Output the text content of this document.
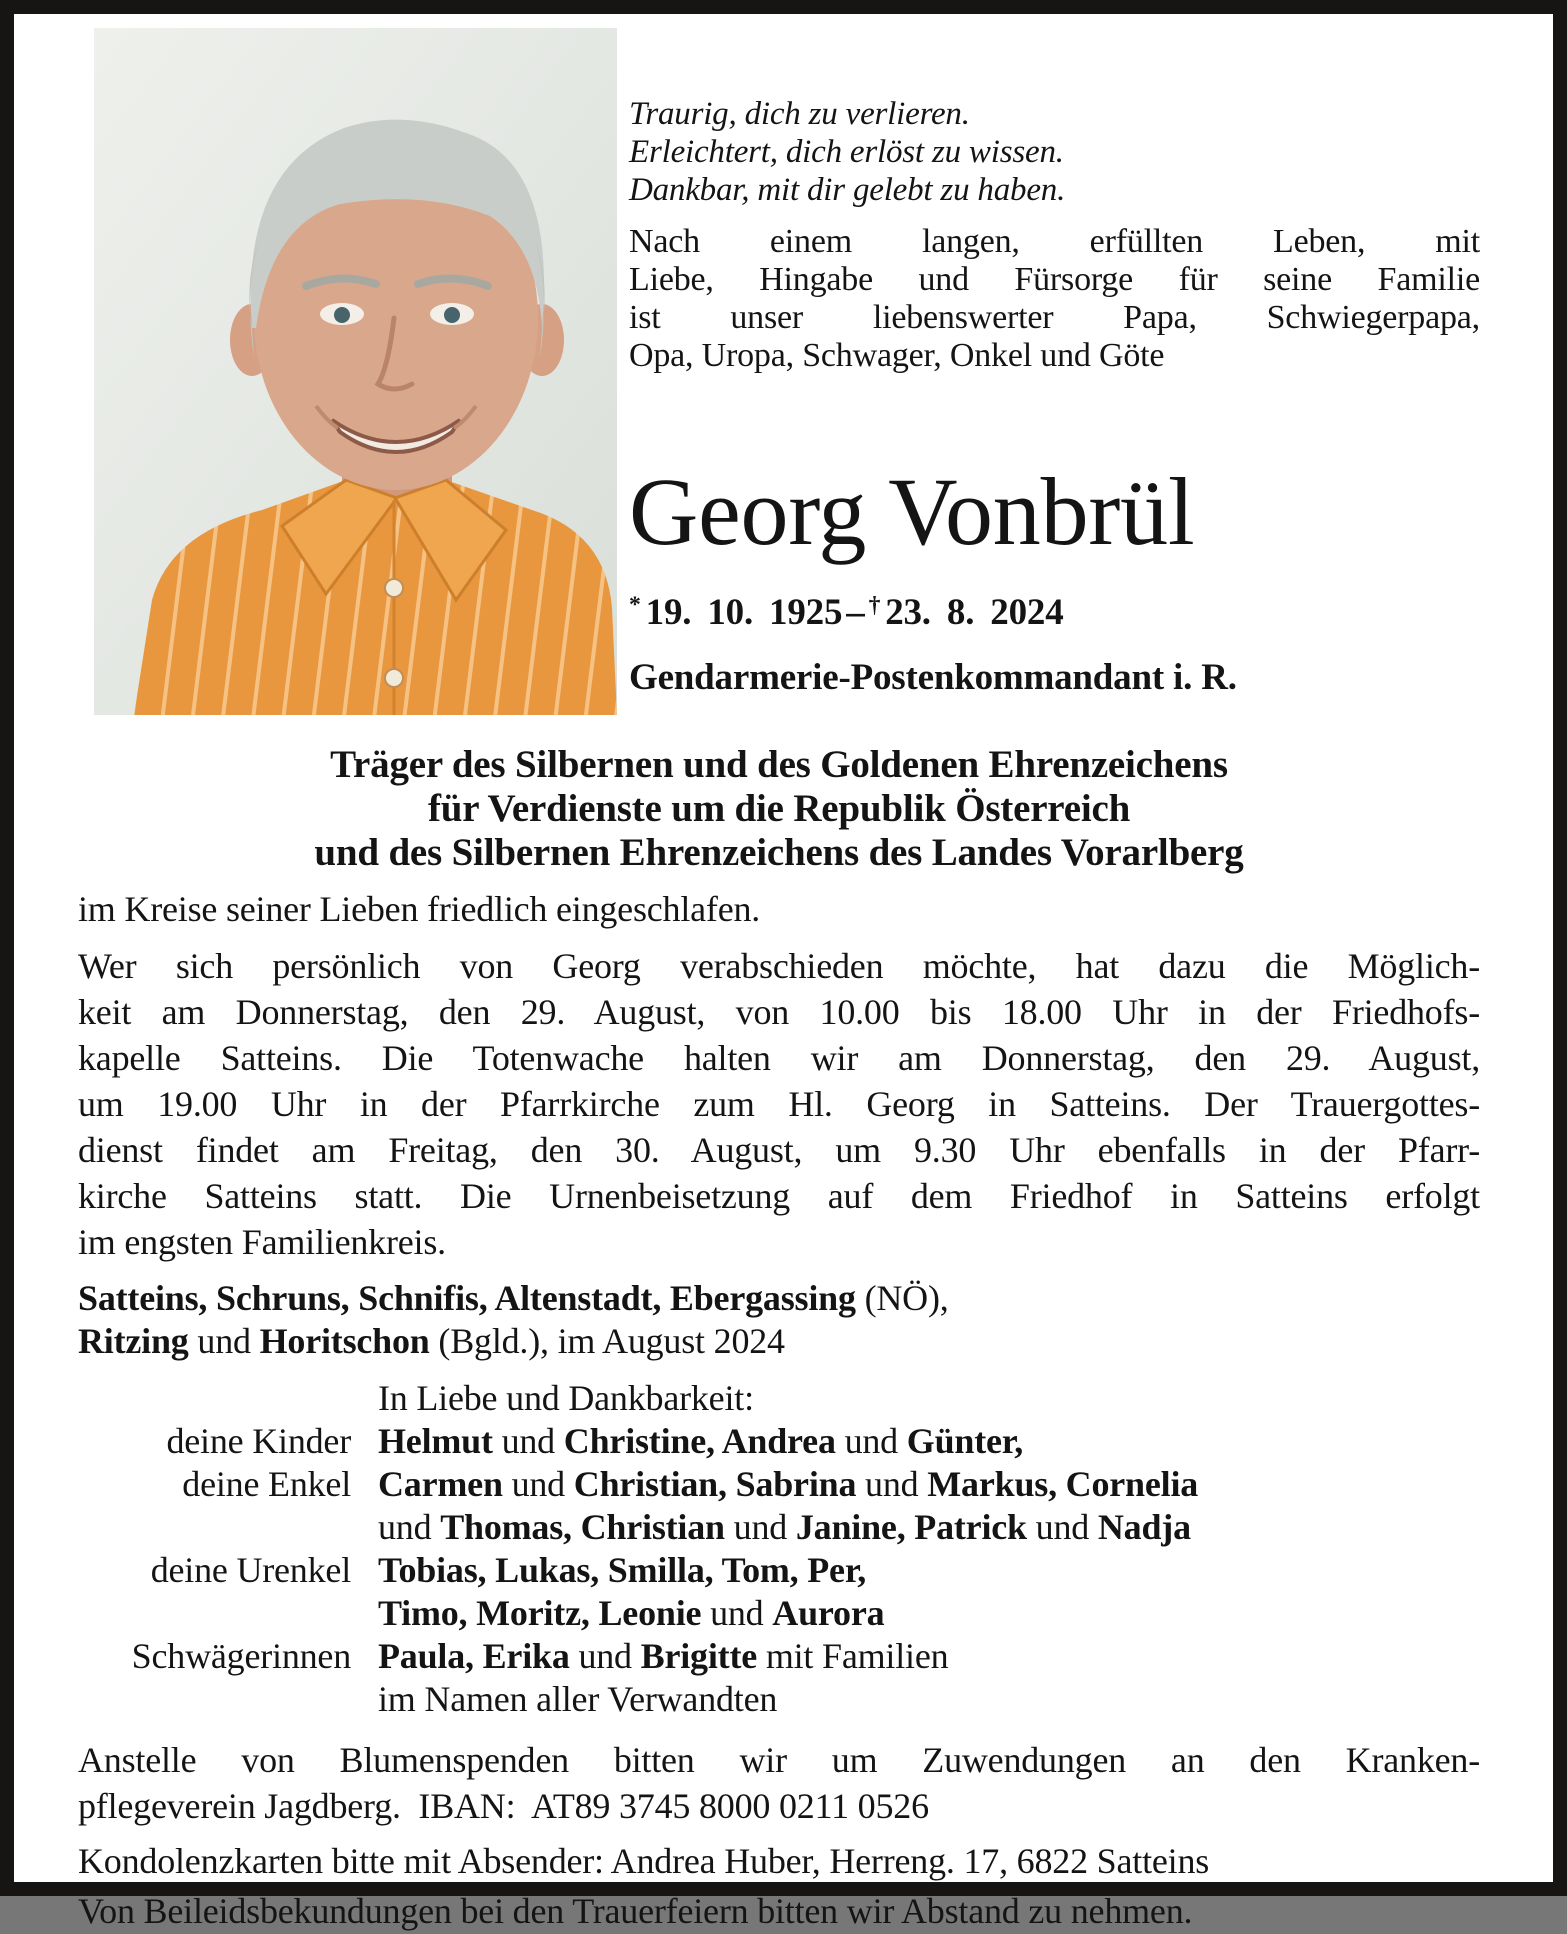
Traurig, dich zu verlieren.
Erleichtert, dich erlöst zu wissen.
Dankbar, mit dir gelebt zu haben.
Nach einem langen, erfüllten Leben, mit
Liebe, Hingabe und Fürsorge für seine Familie
ist unser liebenswerter Papa, Schwiegerpapa,
Opa, Uropa, Schwager, Onkel und Göte
Georg Vonbrül
* 19. 10. 1925 – † 23. 8. 2024
Gendarmerie-Postenkommandant i. R.
Träger des Silbernen und des Goldenen Ehrenzeichens
für Verdienste um die Republik Österreich
und des Silbernen Ehrenzeichens des Landes Vorarlberg
im Kreise seiner Lieben friedlich eingeschlafen.
Wer sich persönlich von Georg verabschieden möchte, hat dazu die Möglich-
keit am Donnerstag, den 29. August, von 10.00 bis 18.00 Uhr in der Friedhofs-
kapelle Satteins. Die Totenwache halten wir am Donnerstag, den 29. August,
um 19.00 Uhr in der Pfarrkirche zum Hl. Georg in Satteins. Der Trauergottes-
dienst findet am Freitag, den 30. August, um 9.30 Uhr ebenfalls in der Pfarr-
kirche Satteins statt. Die Urnenbeisetzung auf dem Friedhof in Satteins erfolgt
im engsten Familienkreis.
Satteins, Schruns, Schnifis, Altenstadt, Ebergassing (NÖ),
Ritzing und Horitschon (Bgld.), im August 2024
In Liebe und Dankbarkeit:
deine Kinder Helmut und Christine, Andrea und Günter,
deine Enkel Carmen und Christian, Sabrina und Markus, Cornelia
und Thomas, Christian und Janine, Patrick und Nadja
deine Urenkel Tobias, Lukas, Smilla, Tom, Per,
Timo, Moritz, Leonie und Aurora
Schwägerinnen Paula, Erika und Brigitte mit Familien
im Namen aller Verwandten
Anstelle von Blumenspenden bitten wir um Zuwendungen an den Kranken-
pflegeverein Jagdberg.  IBAN:  AT89 3745 8000 0211 0526
Kondolenzkarten bitte mit Absender: Andrea Huber, Herreng. 17, 6822 Satteins
Von Beileidsbekundungen bei den Trauerfeiern bitten wir Abstand zu nehmen.
